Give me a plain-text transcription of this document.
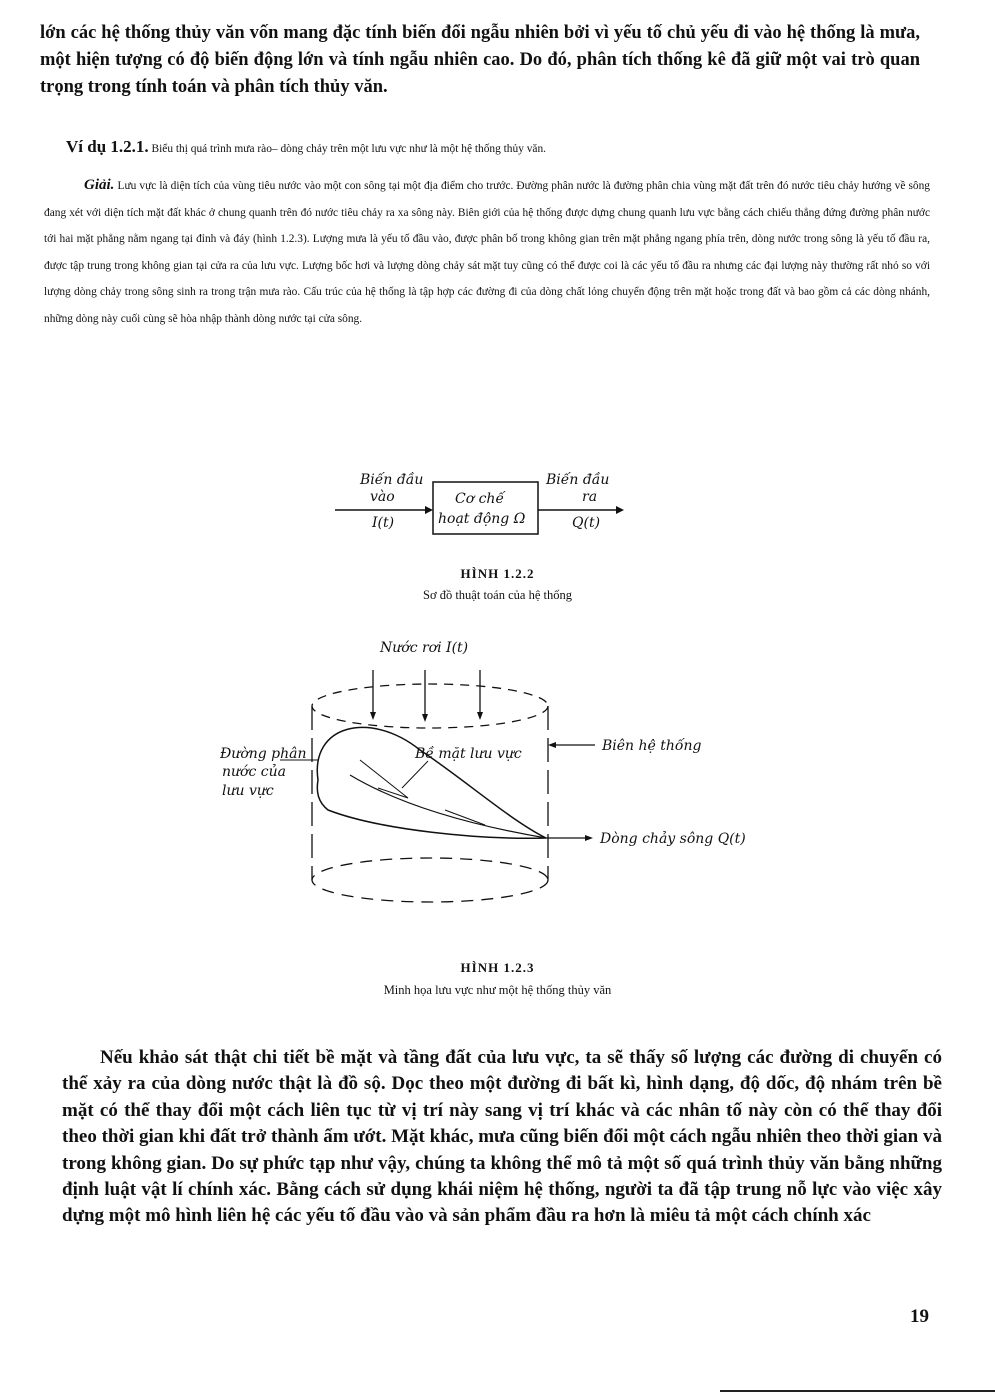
lớn các hệ thống thủy văn vốn mang đặc tính biến đổi ngẫu nhiên bởi vì yếu tố chủ yếu đi vào hệ thống là mưa, một hiện tượng có độ biến động lớn và tính ngẫu nhiên cao. Do đó, phân tích thống kê đã giữ một vai trò quan trọng trong tính toán và phân tích thủy văn.

Ví dụ 1.2.1. Biểu thị quá trình mưa rào– dòng chảy trên một lưu vực như là một hệ thống thủy văn.

Giải. Lưu vực là diện tích của vùng tiêu nước vào một con sông tại một địa điểm cho trước. Đường phân nước là đường phân chia vùng mặt đất trên đó nước tiêu chảy hướng về sông đang xét với diện tích mặt đất khác ở chung quanh trên đó nước tiêu chảy ra xa sông này. Biên giới của hệ thống được dựng chung quanh lưu vực bằng cách chiếu thẳng đứng đường phân nước tới hai mặt phẳng nằm ngang tại đỉnh và đáy (hình 1.2.3). Lượng mưa là yếu tố đầu vào, được phân bố trong không gian trên mặt phẳng ngang phía trên, dòng nước trong sông là yếu tố đầu ra, được tập trung trong không gian tại cửa ra của lưu vực. Lượng bốc hơi và lượng dòng chảy sát mặt tuy cũng có thể được coi là các yếu tố đầu ra nhưng các đại lượng này thường rất nhỏ so với lượng dòng chảy trong sông sinh ra trong trận mưa rào. Cấu trúc của hệ thống là tập hợp các đường đi của dòng chất lỏng chuyển động trên mặt hoặc trong đất và bao gồm cả các dòng nhánh, những dòng này cuối cùng sẽ hòa nhập thành dòng nước tại cửa sông.

Biến đầu
vào
I(t)
Cơ chế
hoạt động Ω
Biến đầu
ra
Q(t)
HÌNH 1.2.2
Sơ đồ thuật toán của hệ thống
Nước rơi I(t)
Bề mặt lưu vực
Đường phân
nước của
lưu vực
Biên hệ thống
Dòng chảy sông Q(t)
HÌNH 1.2.3
Minh họa lưu vực như một hệ thống thủy văn

Nếu khảo sát thật chi tiết bề mặt và tầng đất của lưu vực, ta sẽ thấy số lượng các đường di chuyển có thể xảy ra của dòng nước thật là đồ sộ. Dọc theo một đường đi bất kì, hình dạng, độ dốc, độ nhám trên bề mặt có thể thay đổi một cách liên tục từ vị trí này sang vị trí khác và các nhân tố này còn có thể thay đổi theo thời gian khi đất trở thành ẩm ướt. Mặt khác, mưa cũng biến đổi một cách ngẫu nhiên theo thời gian và trong không gian. Do sự phức tạp như vậy, chúng ta không thể mô tả một số quá trình thủy văn bằng những định luật vật lí chính xác. Bằng cách sử dụng khái niệm hệ thống, người ta đã tập trung nỗ lực vào việc xây dựng một mô hình liên hệ các yếu tố đầu vào và sản phẩm đầu ra hơn là miêu tả một cách chính xác

19
